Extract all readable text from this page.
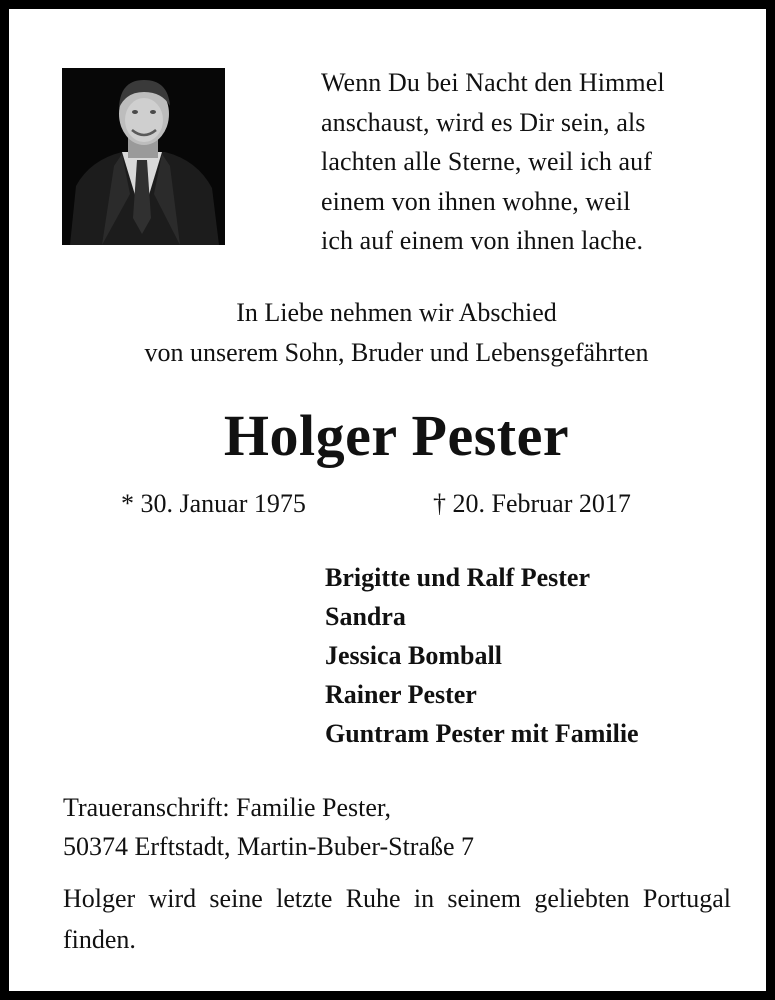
Wenn Du bei Nacht den Himmel
anschaust, wird es Dir sein, als
lachten alle Sterne, weil ich auf
einem von ihnen wohne, weil
ich auf einem von ihnen lache.
In Liebe nehmen wir Abschied
von unserem Sohn, Bruder und Lebensgefährten
Holger Pester
* 30. Januar 1975	† 20. Februar 2017
Brigitte und Ralf Pester
Sandra
Jessica Bomball
Rainer Pester
Guntram Pester mit Familie
Traueranschrift: Familie Pester,
50374 Erftstadt, Martin-Buber-Straße 7
Holger wird seine letzte Ruhe in seinem geliebten Portugal finden.
